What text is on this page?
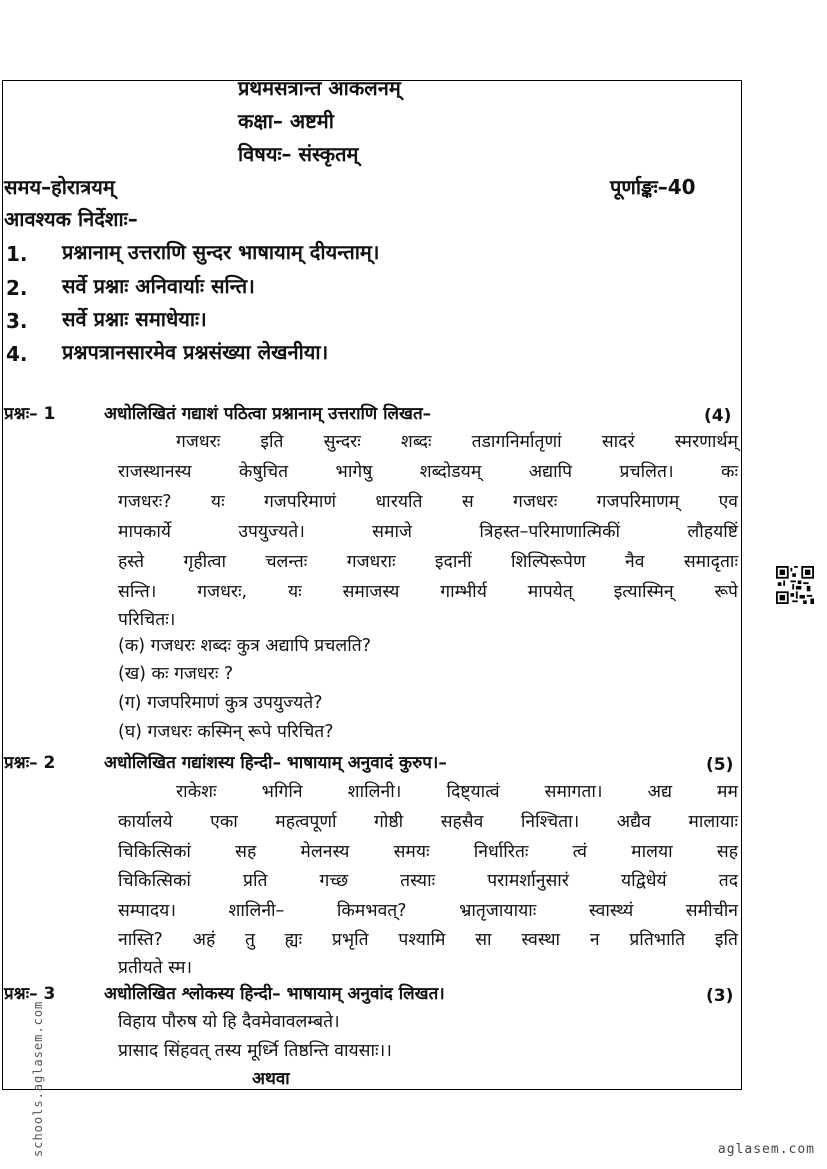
प्रथमसत्रान्त आकलनम्
कक्षा– अष्टमी
विषयः– संस्कृतम्
समय–होरात्रयम्	पूर्णाङ्कः–40
आवश्यक निर्देशाः–
1. प्रश्नानाम् उत्तराणि सुन्दर भाषायाम् दीयन्ताम्।
2. सर्वे प्रश्नाः अनिवार्याः सन्ति।
3. सर्वे प्रश्नाः समाधेयाः।
4. प्रश्नपत्रानसारमेव प्रश्नसंख्या लेखनीया।
प्रश्नः– 1	अधोलिखितं गद्याशं पठित्वा प्रश्नानाम् उत्तराणि लिखत–	(4)
गजधरः इति सुन्दरः शब्दः तडागनिर्मातृणां सादरं स्मरणार्थम्
राजस्थानस्य केषुचित भागेषु शब्दोडयम् अद्यापि प्रचलित। कः
गजधरः? यः गजपरिमाणं धारयति स गजधरः गजपरिमाणम् एव
मापकार्ये उपयुज्यते। समाजे त्रिहस्त–परिमाणात्मिकीं लौहयष्टिं
हस्ते गृहीत्वा चलन्तः गजधराः इदानीं शिल्पिरूपेण नैव समादृताः
सन्ति। गजधरः, यः समाजस्य गाम्भीर्य मापयेत् इत्यास्मिन् रूपे
परिचितः।
(क) गजधरः शब्दः कुत्र अद्यापि प्रचलति?
(ख) कः गजधरः ?
(ग) गजपरिमाणं कुत्र उपयुज्यते?
(घ) गजधरः कस्मिन् रूपे परिचित?
प्रश्नः– 2	अधोलिखित गद्यांशस्य हिन्दी– भाषायाम् अनुवादं कुरुप।–	(5)
राकेशः भगिनि शालिनी। दिष्ट्यात्वं समागता। अद्य मम
कार्यालये एका महत्वपूर्णा गोष्ठी सहसैव निश्चिता। अद्यैव मालायाः
चिकित्सिकां सह मेलनस्य समयः निर्धारितः त्वं मालया सह
चिकित्सिकां प्रति गच्छ तस्याः परामर्शानुसारं यद्विधेयं तद
सम्पादय। शालिनी– किमभवत्? भ्रातृजायायाः स्वास्थ्यं समीचीन
नास्ति? अहं तु ह्यः प्रभृति पश्यामि सा स्वस्था न प्रतिभाति इति
प्रतीयते स्म।
प्रश्नः– 3	अधोलिखित श्लोकस्य हिन्दी– भाषायाम् अनुवांद लिखत।	(3)
विहाय पौरुष यो हि दैवमेवावलम्बते।
प्रासाद सिंहवत् तस्य मूर्ध्नि तिष्ठन्ति वायसाः।।
अथवा
schools.aglasem.com	aglasem.com
